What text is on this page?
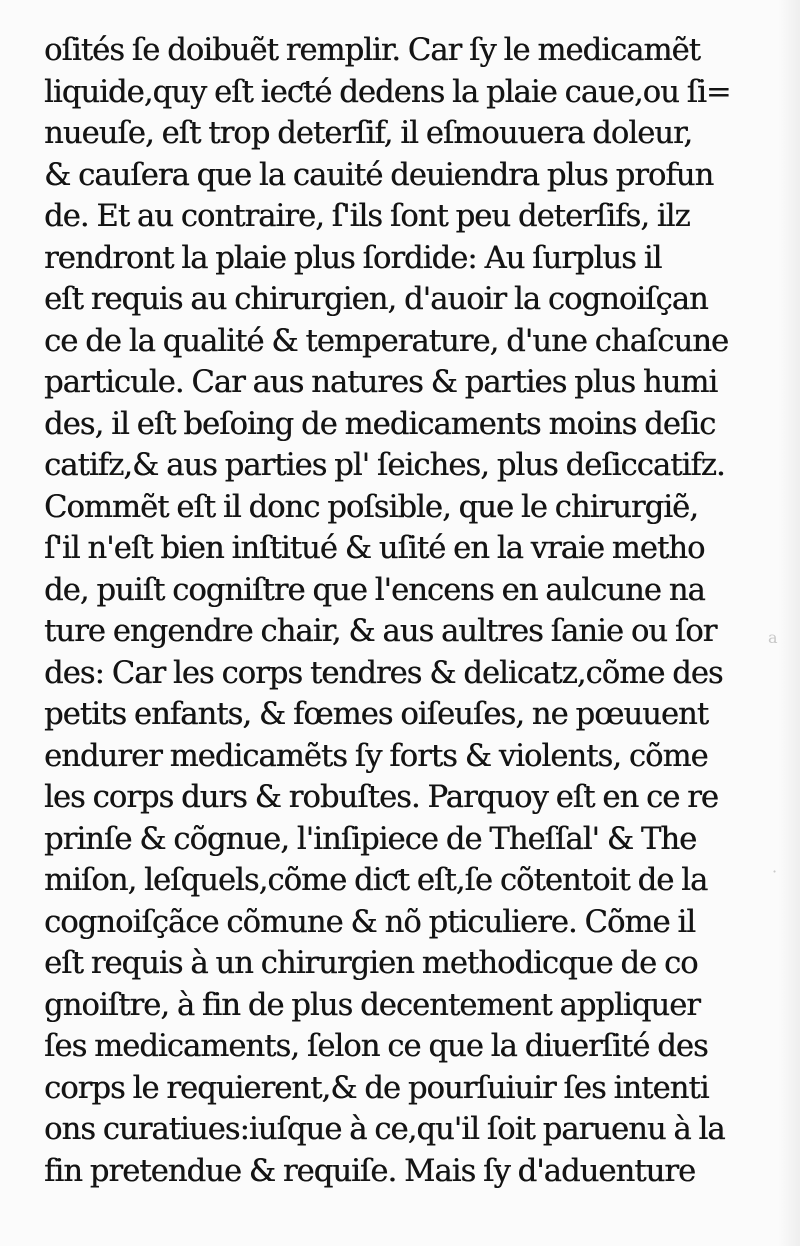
a
·
oſités ſe doibuẽt remplir. Car ſy le medicamẽt
liquide,quy eſt ieƈté dedens la plaie caue,ou ſi=
nueuſe, eſt trop deterſif, il eſmouuera doleur,
& cauſera que la cauité deuiendra plus profun
de. Et au contraire, ſ'ils ſont peu deterſifs, ilz
rendront la plaie plus ſordide: Au ſurplus il
eſt requis au chirurgien, d'auoir la cognoiſçan
ce de la qualité & temperature, d'une chaſcune
particule. Car aus natures & parties plus humi
des, il eſt beſoing de medicaments moins deſic
catifz,& aus parties pl' ſeiches, plus deſiccatifz.
Commẽt eſt il donc poſsible, que le chirurgiẽ,
ſ'il n'eſt bien inſtitué & uſité en la vraie metho
de, puiſt cogniſtre que l'encens en aulcune na
ture engendre chair, & aus aultres ſanie ou ſor
des: Car les corps tendres & delicatz,cõme des
petits enfants, & fœmes oiſeuſes, ne pœuuent
endurer medicamẽts ſy forts & violents, cõme
les corps durs & robuſtes. Parquoy eſt en ce re
prinſe & cõgnue, l'inſipiece de Theſſal' & The
miſon, leſquels,cõme diƈt eſt,ſe cõtentoit de la
cognoiſçãce cõmune & nõ pticuliere. Cõme il
eſt requis à un chirurgien methodicque de co
gnoiſtre, à fin de plus decentement appliquer
ſes medicaments, ſelon ce que la diuerſité des
corps le requierent,& de pourſuiuir ſes intenti
ons curatiues:iuſque à ce,qu'il ſoit paruenu à la
fin pretendue & requiſe. Mais ſy d'aduenture
